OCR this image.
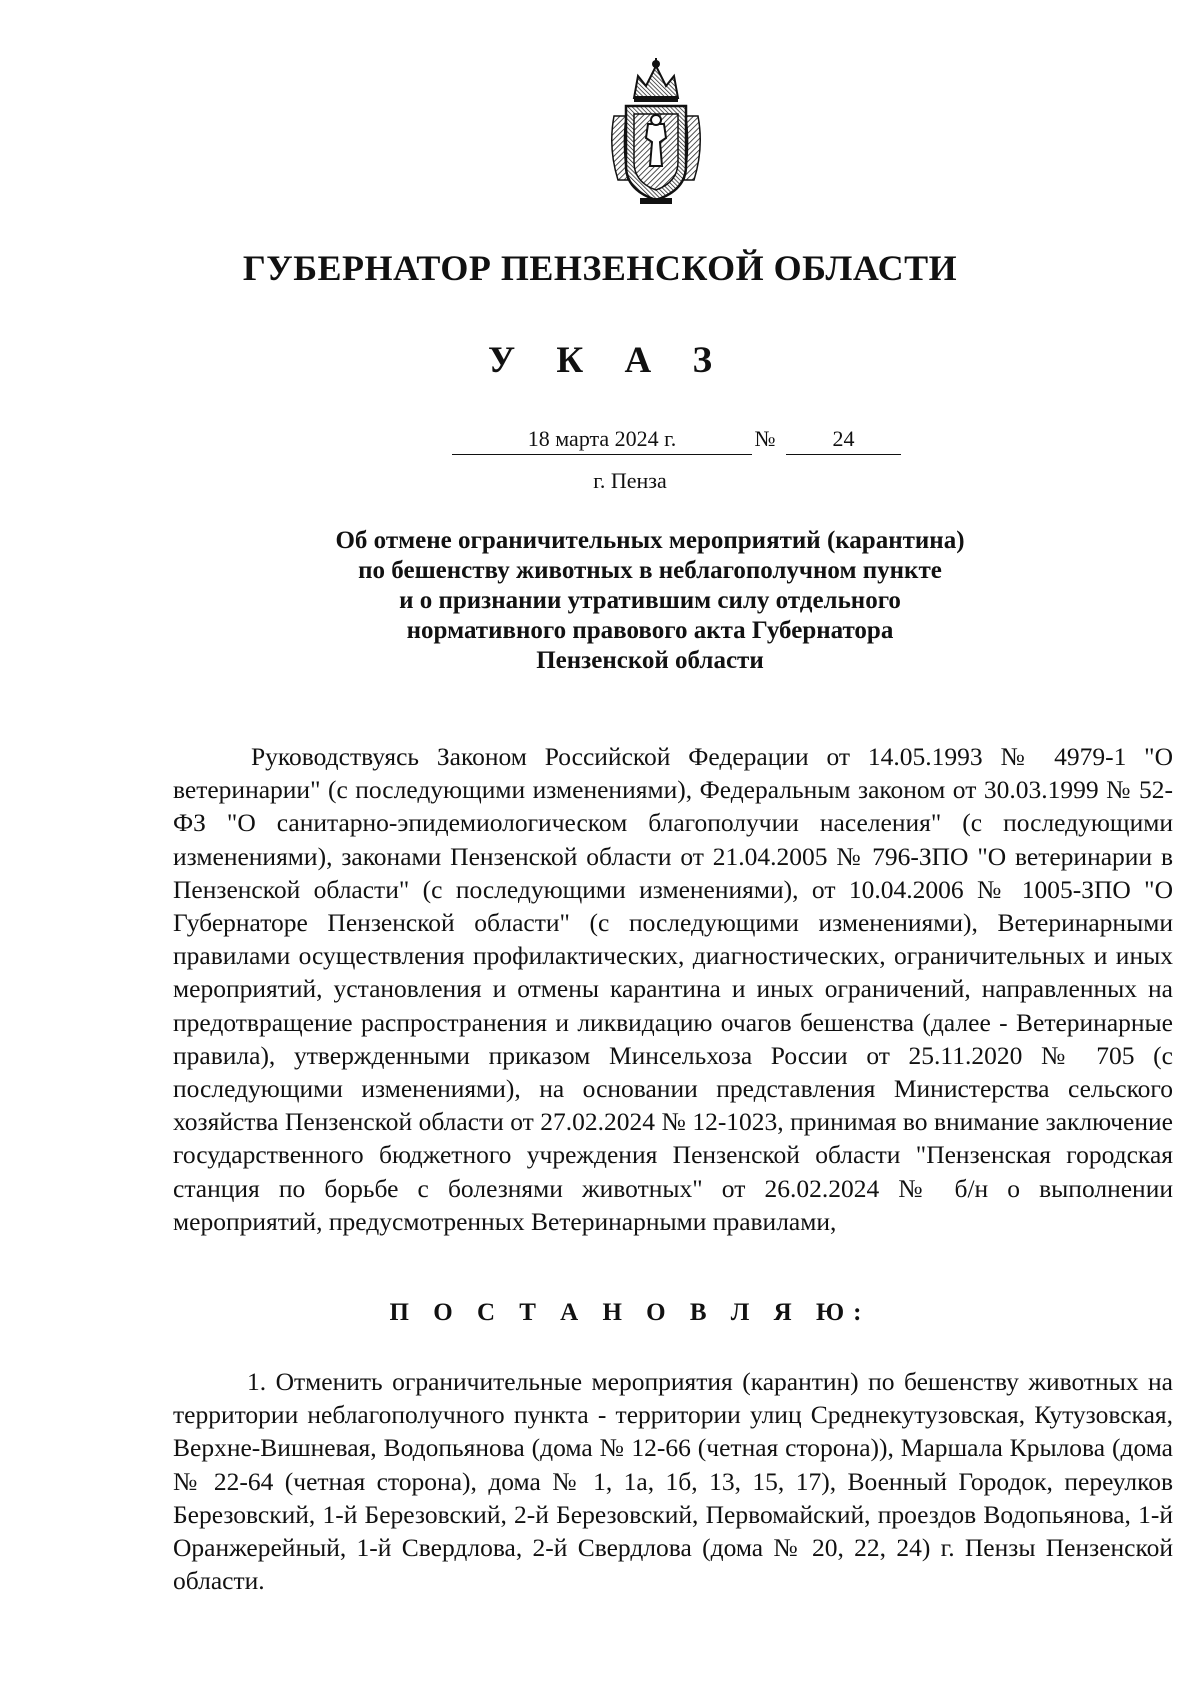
ГУБЕРНАТОР ПЕНЗЕНСКОЙ ОБЛАСТИ
У К А З
18 марта 2024 г.	№	24
г. Пенза
Об отмене ограничительных мероприятий (карантина)
по бешенству животных в неблагополучном пункте
и о признании утратившим силу отдельного
нормативного правового акта Губернатора
Пензенской области

Руководствуясь Законом Российской Федерации от 14.05.1993 № 4979-1 "О ветеринарии" (с последующими изменениями), Федеральным законом от 30.03.1999 № 52-ФЗ "О санитарно-эпидемиологическом благополучии населения" (с последующими изменениями), законами Пензенской области от 21.04.2005 № 796-ЗПО "О ветеринарии в Пензенской области" (с последующими изменениями), от 10.04.2006 № 1005-ЗПО "О Губернаторе Пензенской области" (с последующими изменениями), Ветеринарными правилами осуществления профилактических, диагностических, ограничительных и иных мероприятий, установления и отмены карантина и иных ограничений, направленных на предотвращение распространения и ликвидацию очагов бешенства (далее - Ветеринарные правила), утвержденными приказом Минсельхоза России от 25.11.2020 № 705 (с последующими изменениями), на основании представления Министерства сельского хозяйства Пензенской области от 27.02.2024 № 12-1023, принимая во внимание заключение государственного бюджетного учреждения Пензенской области "Пензенская городская станция по борьбе с болезнями животных" от 26.02.2024 № б/н о выполнении мероприятий, предусмотренных Ветеринарными правилами,

П О С Т А Н О В Л Я Ю:

1. Отменить ограничительные мероприятия (карантин) по бешенству животных на территории неблагополучного пункта - территории улиц Среднекутузовская, Кутузовская, Верхне-Вишневая, Водопьянова (дома № 12-66 (четная сторона)), Маршала Крылова (дома № 22-64 (четная сторона), дома № 1, 1а, 1б, 13, 15, 17), Военный Городок, переулков Березовский, 1-й Березовский, 2-й Березовский, Первомайский, проездов Водопьянова, 1-й Оранжерейный, 1-й Свердлова, 2-й Свердлова (дома № 20, 22, 24) г. Пензы Пензенской области.
